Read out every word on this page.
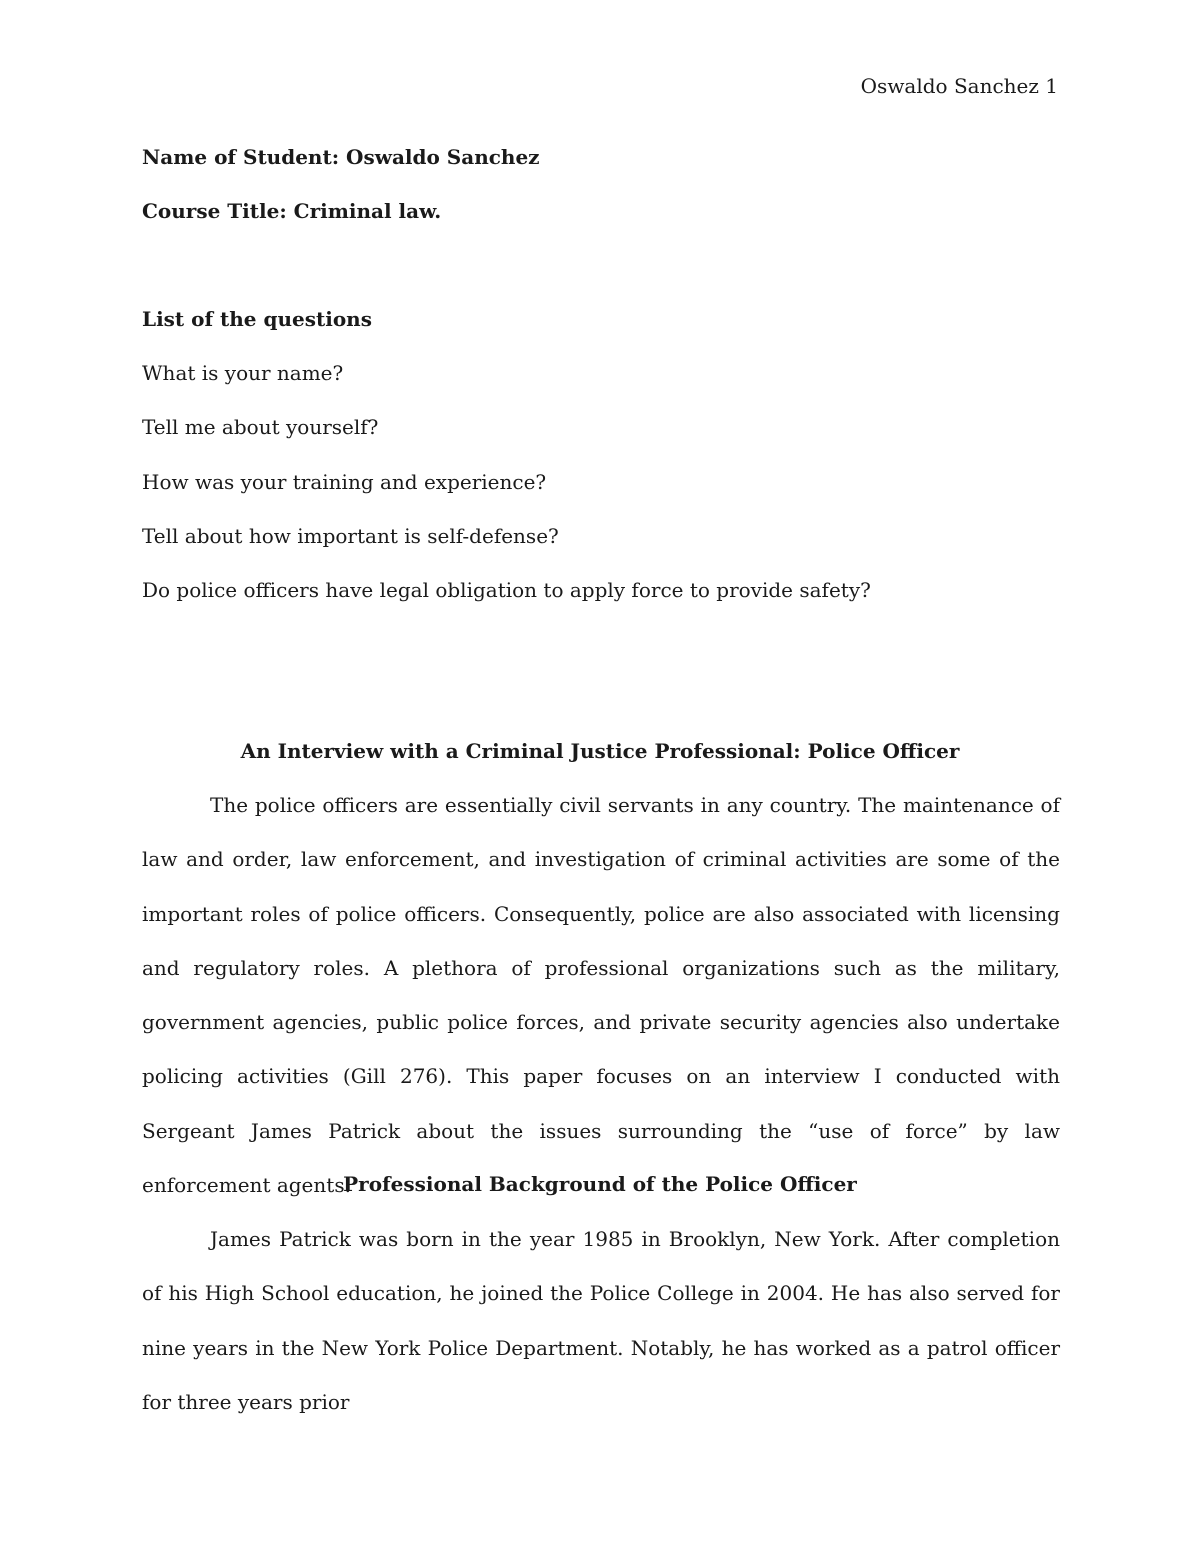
Oswaldo Sanchez 1

Name of Student: Oswaldo Sanchez

Course Title: Criminal law.

List of the questions

What is your name?

Tell me about yourself?

How was your training and experience?

Tell about how important is self-defense?

Do police officers have legal obligation to apply force to provide safety?

An Interview with a Criminal Justice Professional: Police Officer

The police officers are essentially civil servants in any country. The maintenance of law and order, law enforcement, and investigation of criminal activities are some of the important roles of police officers. Consequently, police are also associated with licensing and regulatory roles. A plethora of professional organizations such as the military, government agencies, public police forces, and private security agencies also undertake policing activities (Gill 276). This paper focuses on an interview I conducted with Sergeant James Patrick about the issues surrounding the “use of force” by law enforcement agents.

Professional Background of the Police Officer

James Patrick was born in the year 1985 in Brooklyn, New York. After completion of his High School education, he joined the Police College in 2004. He has also served for nine years in the New York Police Department. Notably, he has worked as a patrol officer for three years prior
